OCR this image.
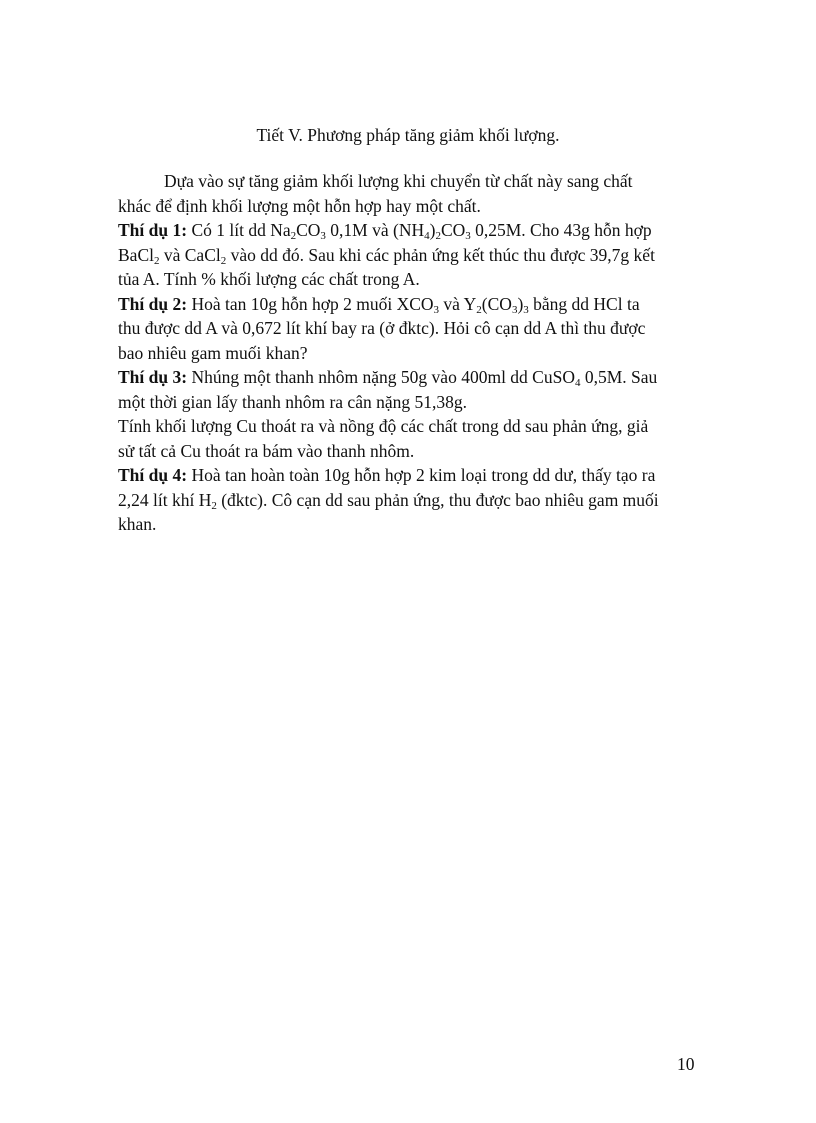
Tiết V. Phương pháp tăng giảm khối lượng.

Dựa vào sự tăng giảm khối lượng khi chuyển từ chất này sang chất

khác để định khối lượng một hỗn hợp hay một chất.

Thí dụ 1: Có 1 lít dd $Na_2CO_3$ 0,1M và $(NH_4)_2CO_3$ 0,25M. Cho 43g hỗn hợp

BaCl$_2$ và CaCl$_2$ vào dd đó. Sau khi các phản ứng kết thúc thu được 39,7g kết

tủa A. Tính % khối lượng các chất trong A.

Thí dụ 2: Hoà tan 10g hỗn hợp 2 muối $XCO_3$ và $Y_2(CO_3)_3$ bằng dd HCl ta

thu được dd A và 0,672 lít khí bay ra (ở đktc). Hỏi cô cạn dd A thì thu được

bao nhiêu gam muối khan?

Thí dụ 3: Nhúng một thanh nhôm nặng 50g vào 400ml dd CuSO$_4$ 0,5M. Sau

một thời gian lấy thanh nhôm ra cân nặng 51,38g.

Tính khối lượng Cu thoát ra và nồng độ các chất trong dd sau phản ứng, giả

sử tất cả Cu thoát ra bám vào thanh nhôm.

Thí dụ 4: Hoà tan hoàn toàn 10g hỗn hợp 2 kim loại trong dd dư, thấy tạo ra

2,24 lít khí $H_2$ (đktc). Cô cạn dd sau phản ứng, thu được bao nhiêu gam muối

khan.

10
